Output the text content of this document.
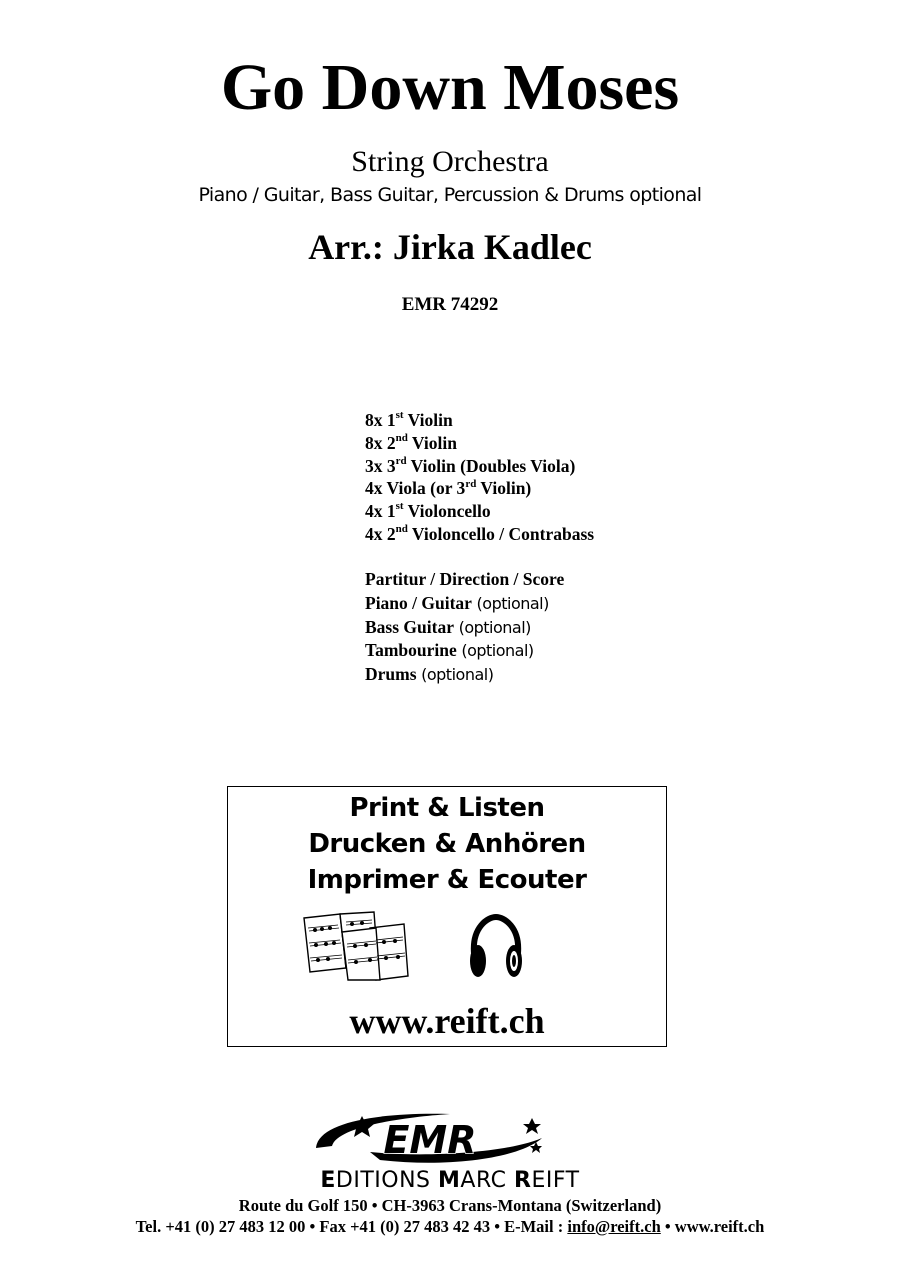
Go Down Moses
String Orchestra
Piano / Guitar, Bass Guitar, Percussion & Drums optional
Arr.: Jirka Kadlec
EMR 74292
8x 1st Violin
8x 2nd Violin
3x 3rd Violin (Doubles Viola)
4x Viola (or 3rd Violin)
4x 1st Violoncello
4x 2nd Violoncello / Contrabass
Partitur / Direction / Score
Piano / Guitar (optional)
Bass Guitar (optional)
Tambourine (optional)
Drums (optional)
Print & Listen
Drucken & Anhören
Imprimer & Ecouter
www.reift.ch
EMR
EDITIONS MARC REIFT
Route du Golf 150 • CH-3963 Crans-Montana (Switzerland)
Tel. +41 (0) 27 483 12 00 • Fax +41 (0) 27 483 42 43 • E-Mail : info@reift.ch • www.reift.ch
